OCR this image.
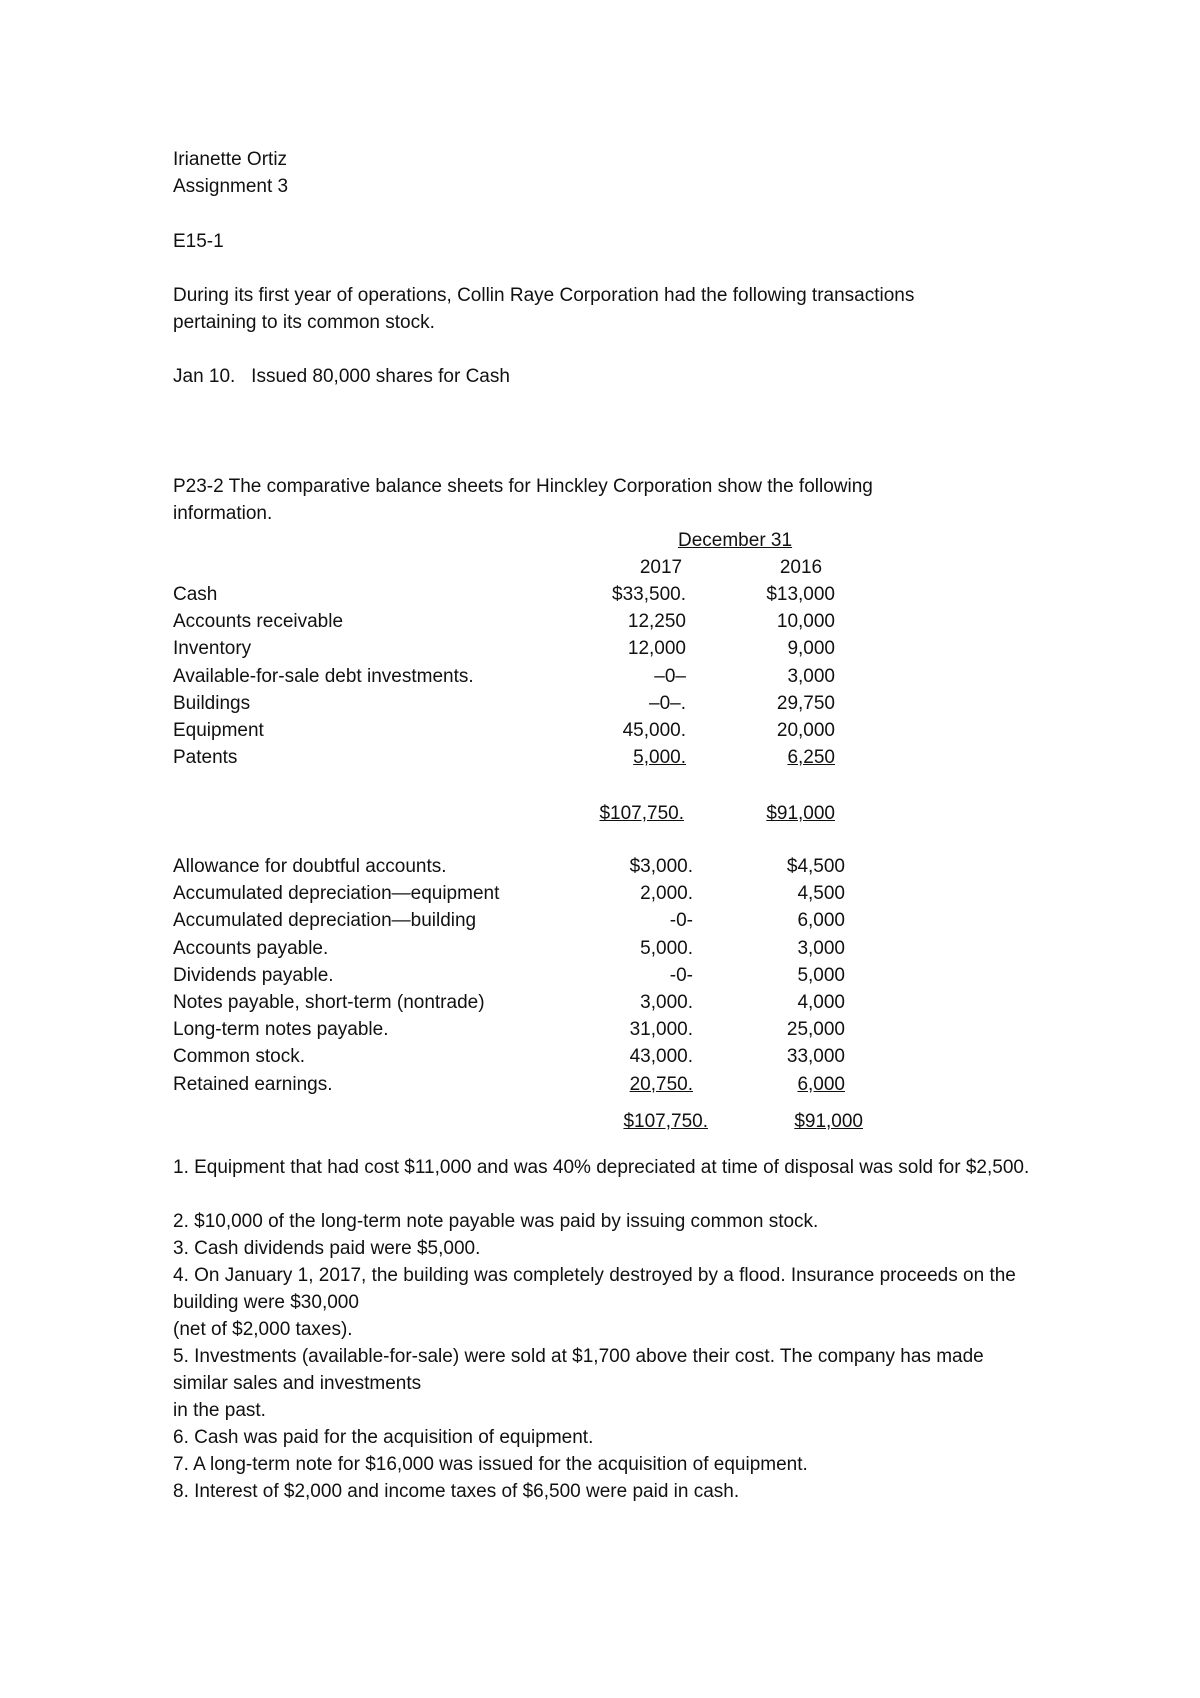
Irianette Ortiz
Assignment 3
E15-1
During its first year of operations, Collin Raye Corporation had the following transactions pertaining to its common stock.
Jan 10.   Issued 80,000 shares for Cash
P23-2 The comparative balance sheets for Hinckley Corporation show the following information.
December 31
2017	2016
Cash	$33,500.	$13,000
Accounts receivable	12,250	10,000
Inventory	12,000	9,000
Available-for-sale debt investments.	–0–	3,000
Buildings	–0–.	29,750
Equipment	45,000.	20,000
Patents	5,000.	6,250
$107,750.	$91,000
Allowance for doubtful accounts.	$3,000.	$4,500
Accumulated depreciation—equipment	2,000.	4,500
Accumulated depreciation—building	-0-	6,000
Accounts payable.	5,000.	3,000
Dividends payable.	-0-	5,000
Notes payable, short-term (nontrade)	3,000.	4,000
Long-term notes payable.	31,000.	25,000
Common stock.	43,000.	33,000
Retained earnings.	20,750.	6,000
$107,750.	$91,000
1. Equipment that had cost $11,000 and was 40% depreciated at time of disposal was sold for $2,500.
2. $10,000 of the long-term note payable was paid by issuing common stock.
3. Cash dividends paid were $5,000.
4. On January 1, 2017, the building was completely destroyed by a flood. Insurance proceeds on the building were $30,000
(net of $2,000 taxes).
5. Investments (available-for-sale) were sold at $1,700 above their cost. The company has made similar sales and investments
in the past.
6. Cash was paid for the acquisition of equipment.
7. A long-term note for $16,000 was issued for the acquisition of equipment.
8. Interest of $2,000 and income taxes of $6,500 were paid in cash.
